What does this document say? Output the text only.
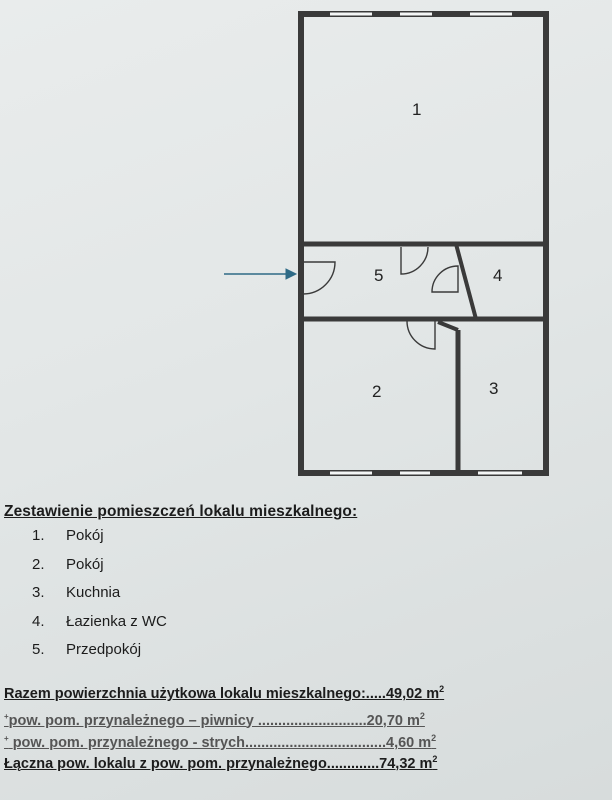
1
2	3
4
5
Zestawienie pomieszczeń lokalu mieszkalnego:
1.	Pokój
2.	Pokój
3.	Kuchnia
4.	Łazienka z WC
5.	Przedpokój
Razem powierzchnia użytkowa lokalu mieszkalnego:.....49,02 $m^2$
+pow. pom. przynależnego – piwnicy ...........................20,70 $m^2$
+ pow. pom. przynależnego - strych...................................4,60 $m^2$
Łączna pow. lokalu z pow. pom. przynależnego.............74,32 $m^2$
